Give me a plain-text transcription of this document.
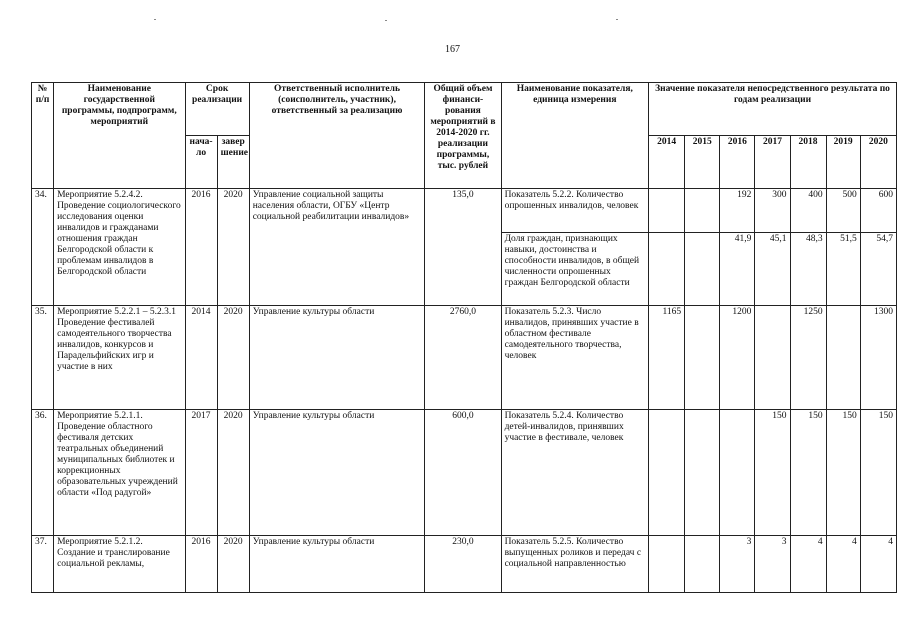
167
№ п/п	Наименование государственной программы, подпрограмм, мероприятий	Срок реализации		Ответственный исполнитель (соисполнитель, участник), ответственный за реализацию	Общий объем финанси-рования мероприятий в 2014-2020 гг. реализации программы, тыс. рублей	Наименование показателя, единица измерения	Значение показателя непосредственного результата по годам реализации						
		нача-ло	завер шение				2014	2015	2016	2017	2018	2019	2020
34.	Мероприятие 5.2.4.2. Проведение социологического исследования оценки инвалидов и гражданами отношения граждан Белгородской области к проблемам инвалидов в Белгородской области	2016	2020	Управление социальной защиты населения области, ОГБУ «Центр социальной реабилитации инвалидов»	135,0	Показатель 5.2.2. Количество опрошенных инвалидов, человек			192	300	400	500	600
						Доля граждан, признающих навыки, достоинства и способности инвалидов, в общей численности опрошенных граждан Белгородской области			41,9	45,1	48,3	51,5	54,7
35.	Мероприятие 5.2.2.1 – 5.2.3.1 Проведение фестивалей самодеятельного творчества инвалидов, конкурсов и Парадельфийских игр и участие в них	2014	2020	Управление культуры области	2760,0	Показатель 5.2.3. Число инвалидов, принявших участие в областном фестивале самодеятельного творчества, человек	1165		1200		1250		1300
36.	Мероприятие 5.2.1.1. Проведение областного фестиваля детских театральных объединений муниципальных библиотек и коррекционных образовательных учреждений области «Под радугой»	2017	2020	Управление культуры области	600,0	Показатель 5.2.4. Количество детей-инвалидов, принявших участие в фестивале, человек				150	150	150	150
37.	Мероприятие 5.2.1.2. Создание и транслирование социальной рекламы,	2016	2020	Управление культуры области	230,0	Показатель 5.2.5. Количество выпущенных роликов и передач с социальной направленностью			3	3	4	4	4
